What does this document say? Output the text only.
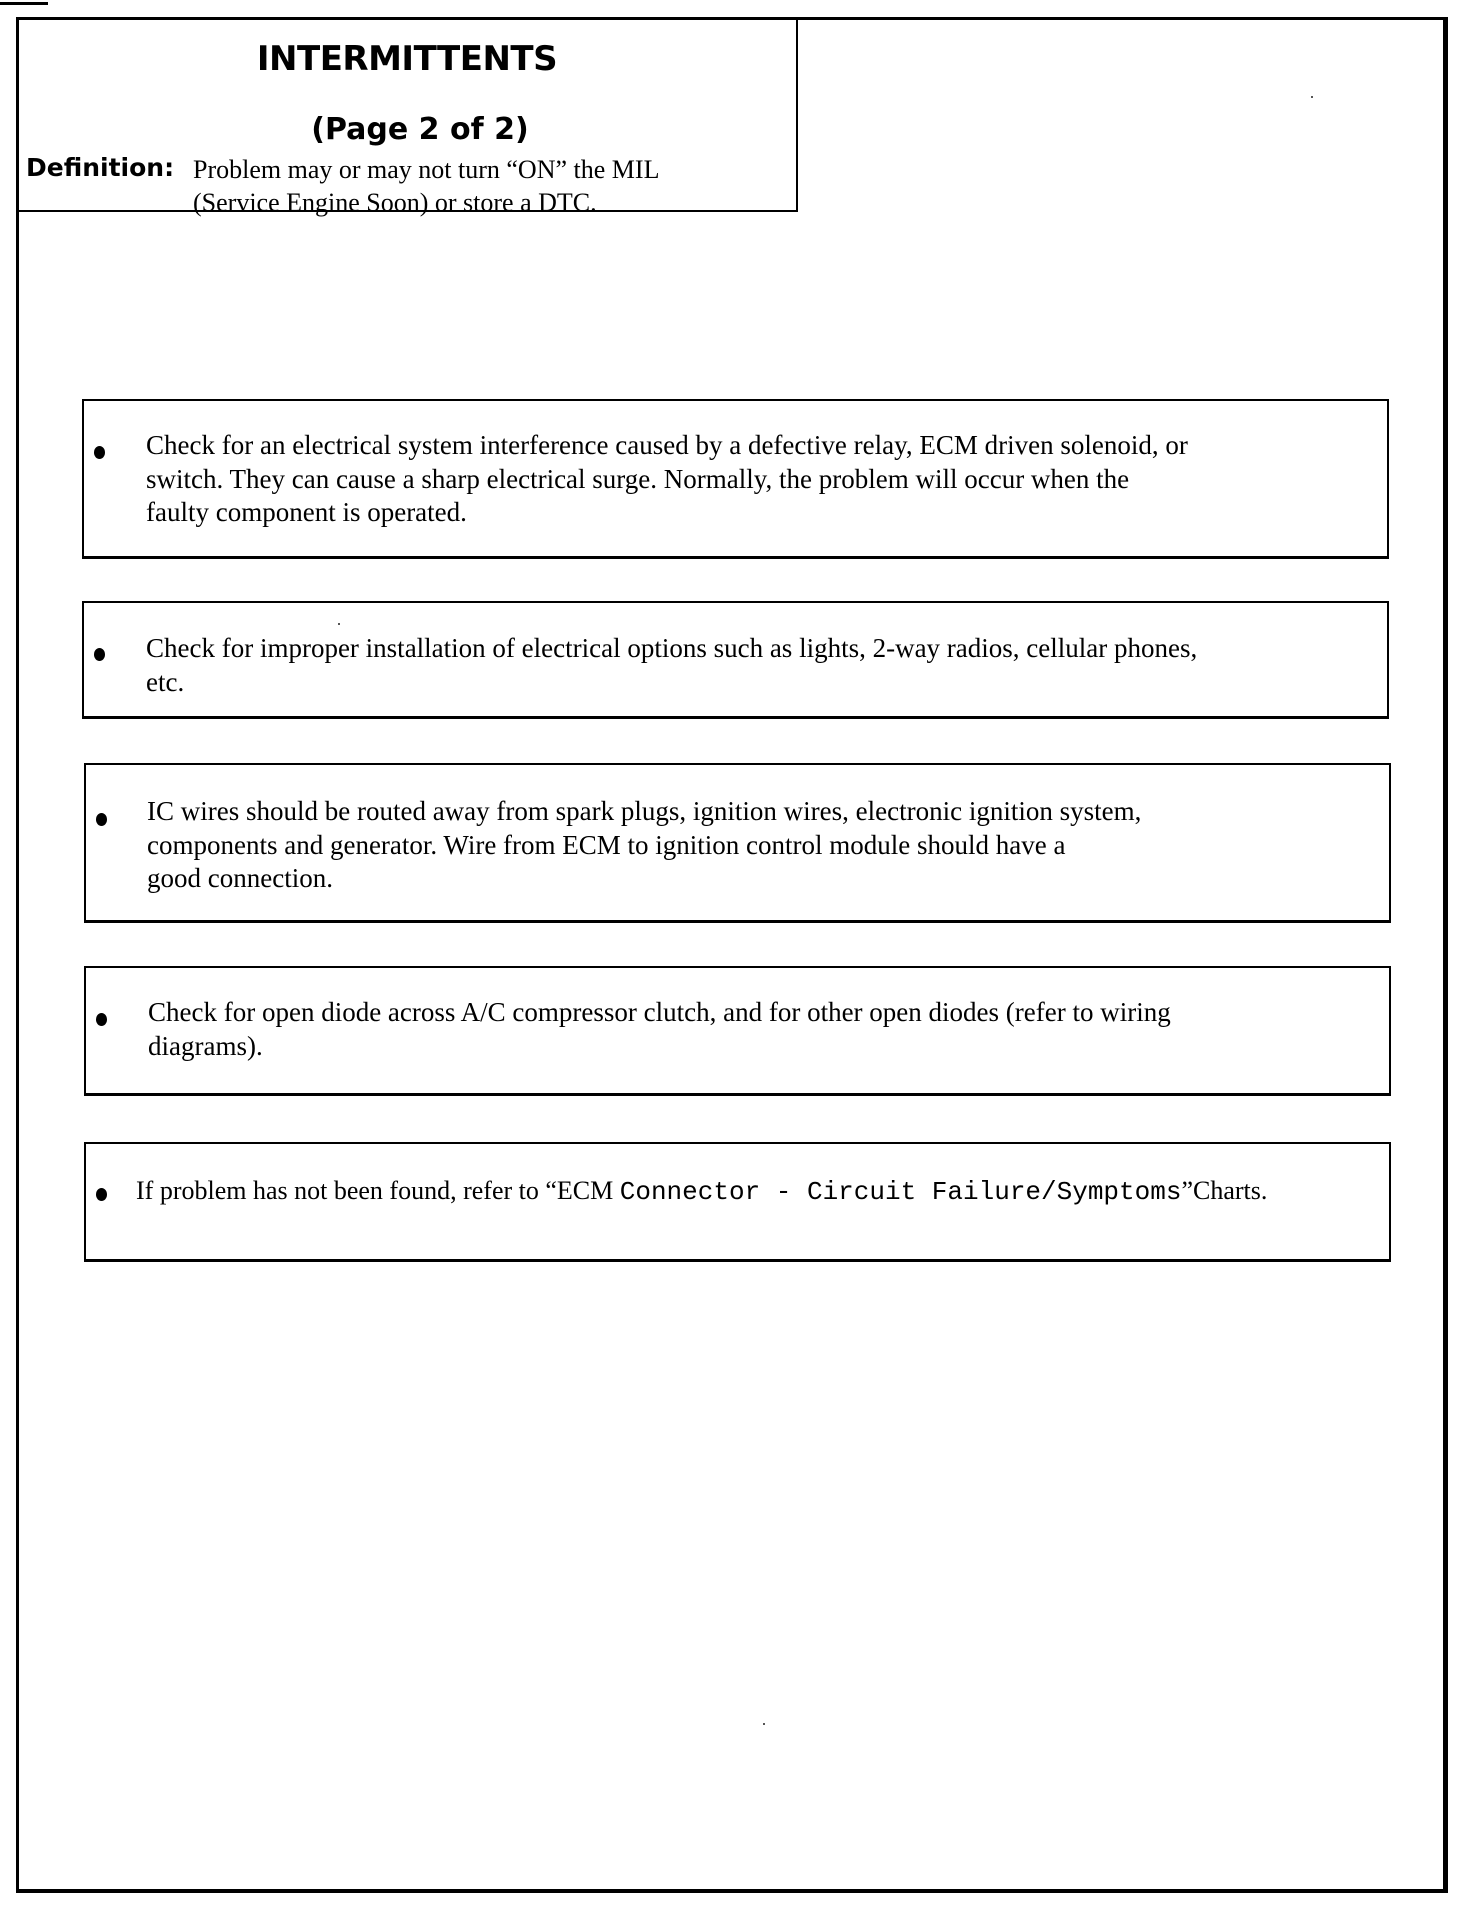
INTERMITTENTS
(Page 2 of 2)
Definition: Problem may or may not turn “ON” the MIL
(Service Engine Soon) or store a DTC.
Check for an electrical system interference caused by a defective relay, ECM driven solenoid, or
switch. They can cause a sharp electrical surge. Normally, the problem will occur when the
faulty component is operated.
Check for improper installation of electrical options such as lights, 2-way radios, cellular phones,
etc.
IC wires should be routed away from spark plugs, ignition wires, electronic ignition system,
components and generator. Wire from ECM to ignition control module should have a
good connection.
Check for open diode across A/C compressor clutch, and for other open diodes (refer to wiring
diagrams).
If problem has not been found, refer to “ECM Connector - Circuit Failure/Symptoms”Charts.
